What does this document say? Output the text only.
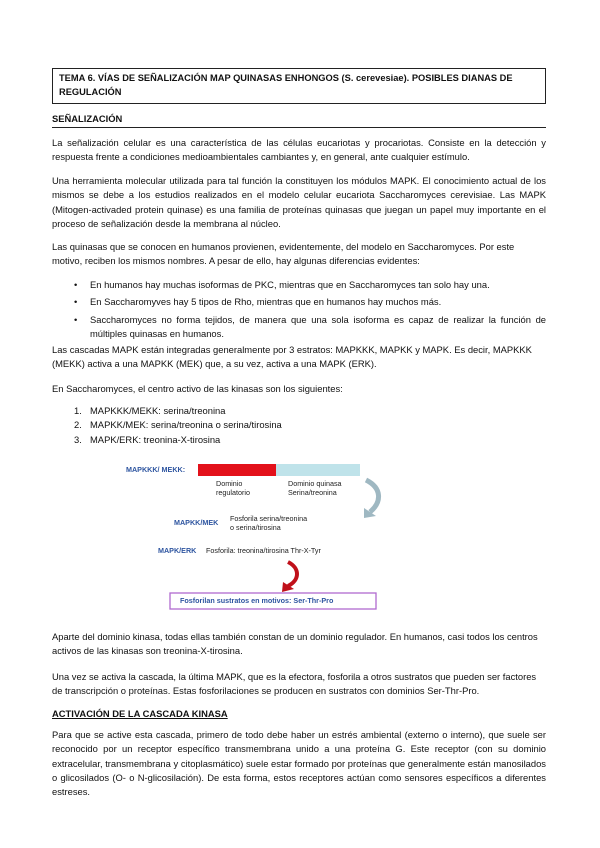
TEMA 6. VÍAS DE SEÑALIZACIÓN MAP QUINASAS ENHONGOS (S. cerevesiae). POSIBLES DIANAS DE REGULACIÓN
SEÑALIZACIÓN

La señalización celular es una característica de las células eucariotas y procariotas. Consiste en la detección y respuesta frente a condiciones medioambientales cambiantes y, en general, ante cualquier estímulo.

Una herramienta molecular utilizada para tal función la constituyen los módulos MAPK. El conocimiento actual de los mismos se debe a los estudios realizados en el modelo celular eucariota Saccharomyces cerevisiae. Las MAPK (Mitogen-activaded protein quinase) es una familia de proteínas quinasas que juegan un papel muy importante en el proceso de señalización desde la membrana al núcleo.

Las quinasas que se conocen en humanos provienen, evidentemente, del modelo en Saccharomyces. Por este motivo, reciben los mismos nombres. A pesar de ello, hay algunas diferencias evidentes:

• En humanos hay muchas isoformas de PKC, mientras que en Saccharomyces tan solo hay una.
• En Saccharomyves hay 5 tipos de Rho, mientras que en humanos hay muchos más.
• Saccharomyces no forma tejidos, de manera que una sola isoforma es capaz de realizar la función de múltiples quinasas en humanos.

Las cascadas MAPK están integradas generalmente por 3 estratos: MAPKKK, MAPKK y MAPK. Es decir, MAPKKK (MEKK) activa a una MAPKK (MEK) que, a su vez, activa a una MAPK (ERK).

En Saccharomyces, el centro activo de las kinasas son los siguientes:

1. MAPKKK/MEKK: serina/treonina
2. MAPKK/MEK: serina/treonina o serina/tirosina
3. MAPK/ERK: treonina-X-tirosina
MAPKKK/ MEKK:
Dominio
regulatorio
Dominio quinasa
Serina/treonina
MAPKK/MEK Fosforila serina/treonina
o serina/tirosina
MAPK/ERK Fosforila: treonina/tirosina Thr-X-Tyr
Fosforilan sustratos en motivos: Ser-Thr-Pro

Aparte del dominio kinasa, todas ellas también constan de un dominio regulador. En humanos, casi todos los centros activos de las kinasas son treonina-X-tirosina.

Una vez se activa la cascada, la última MAPK, que es la efectora, fosforila a otros sustratos que pueden ser factores de transcripción o proteínas. Estas fosforilaciones se producen en sustratos con dominios Ser-Thr-Pro.

ACTIVACIÓN DE LA CASCADA KINASA

Para que se active esta cascada, primero de todo debe haber un estrés ambiental (externo o interno), que suele ser reconocido por un receptor específico transmembrana unido a una proteína G. Este receptor (con su dominio extracelular, transmembrana y citoplasmático) suele estar formado por proteínas que generalmente están manosilados o glicosilados (O- o N-glicosilación). De esta forma, estos receptores actúan como sensores específicos a diferentes estreses.
